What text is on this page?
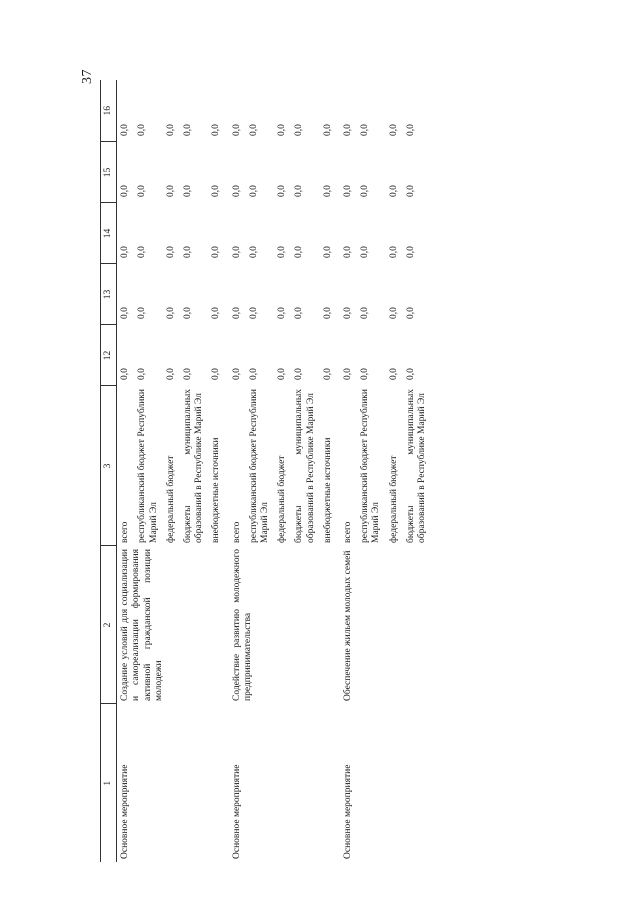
37
1	2	3	12	13	14	15	16
Основное мероприятие	Создание условий для социализации и самореализации формирования активной гражданской позиции молодежи	всего	0,0	0,0	0,0	0,0	0,0
		республиканский бюджет Республики Марий Эл	0,0	0,0	0,0	0,0	0,0
		федеральный бюджет	0,0	0,0	0,0	0,0	0,0
		бюджеты муниципальных образований в Республике Марий Эл	0,0	0,0	0,0	0,0	0,0
		внебюджетные источники	0,0	0,0	0,0	0,0	0,0
Основное мероприятие	Содействие развитию молодежного предпринимательства	всего	0,0	0,0	0,0	0,0	0,0
		республиканский бюджет Республики Марий Эл	0,0	0,0	0,0	0,0	0,0
		федеральный бюджет	0,0	0,0	0,0	0,0	0,0
		бюджеты муниципальных образований в Республике Марий Эл	0,0	0,0	0,0	0,0	0,0
		внебюджетные источники	0,0	0,0	0,0	0,0	0,0
Основное мероприятие	Обеспечение жильем молодых семей	всего	0,0	0,0	0,0	0,0	0,0
		республиканский бюджет Республики Марий Эл	0,0	0,0	0,0	0,0	0,0
		федеральный бюджет	0,0	0,0	0,0	0,0	0,0
		бюджеты муниципальных образований в Республике Марий Эл	0,0	0,0	0,0	0,0	0,0
